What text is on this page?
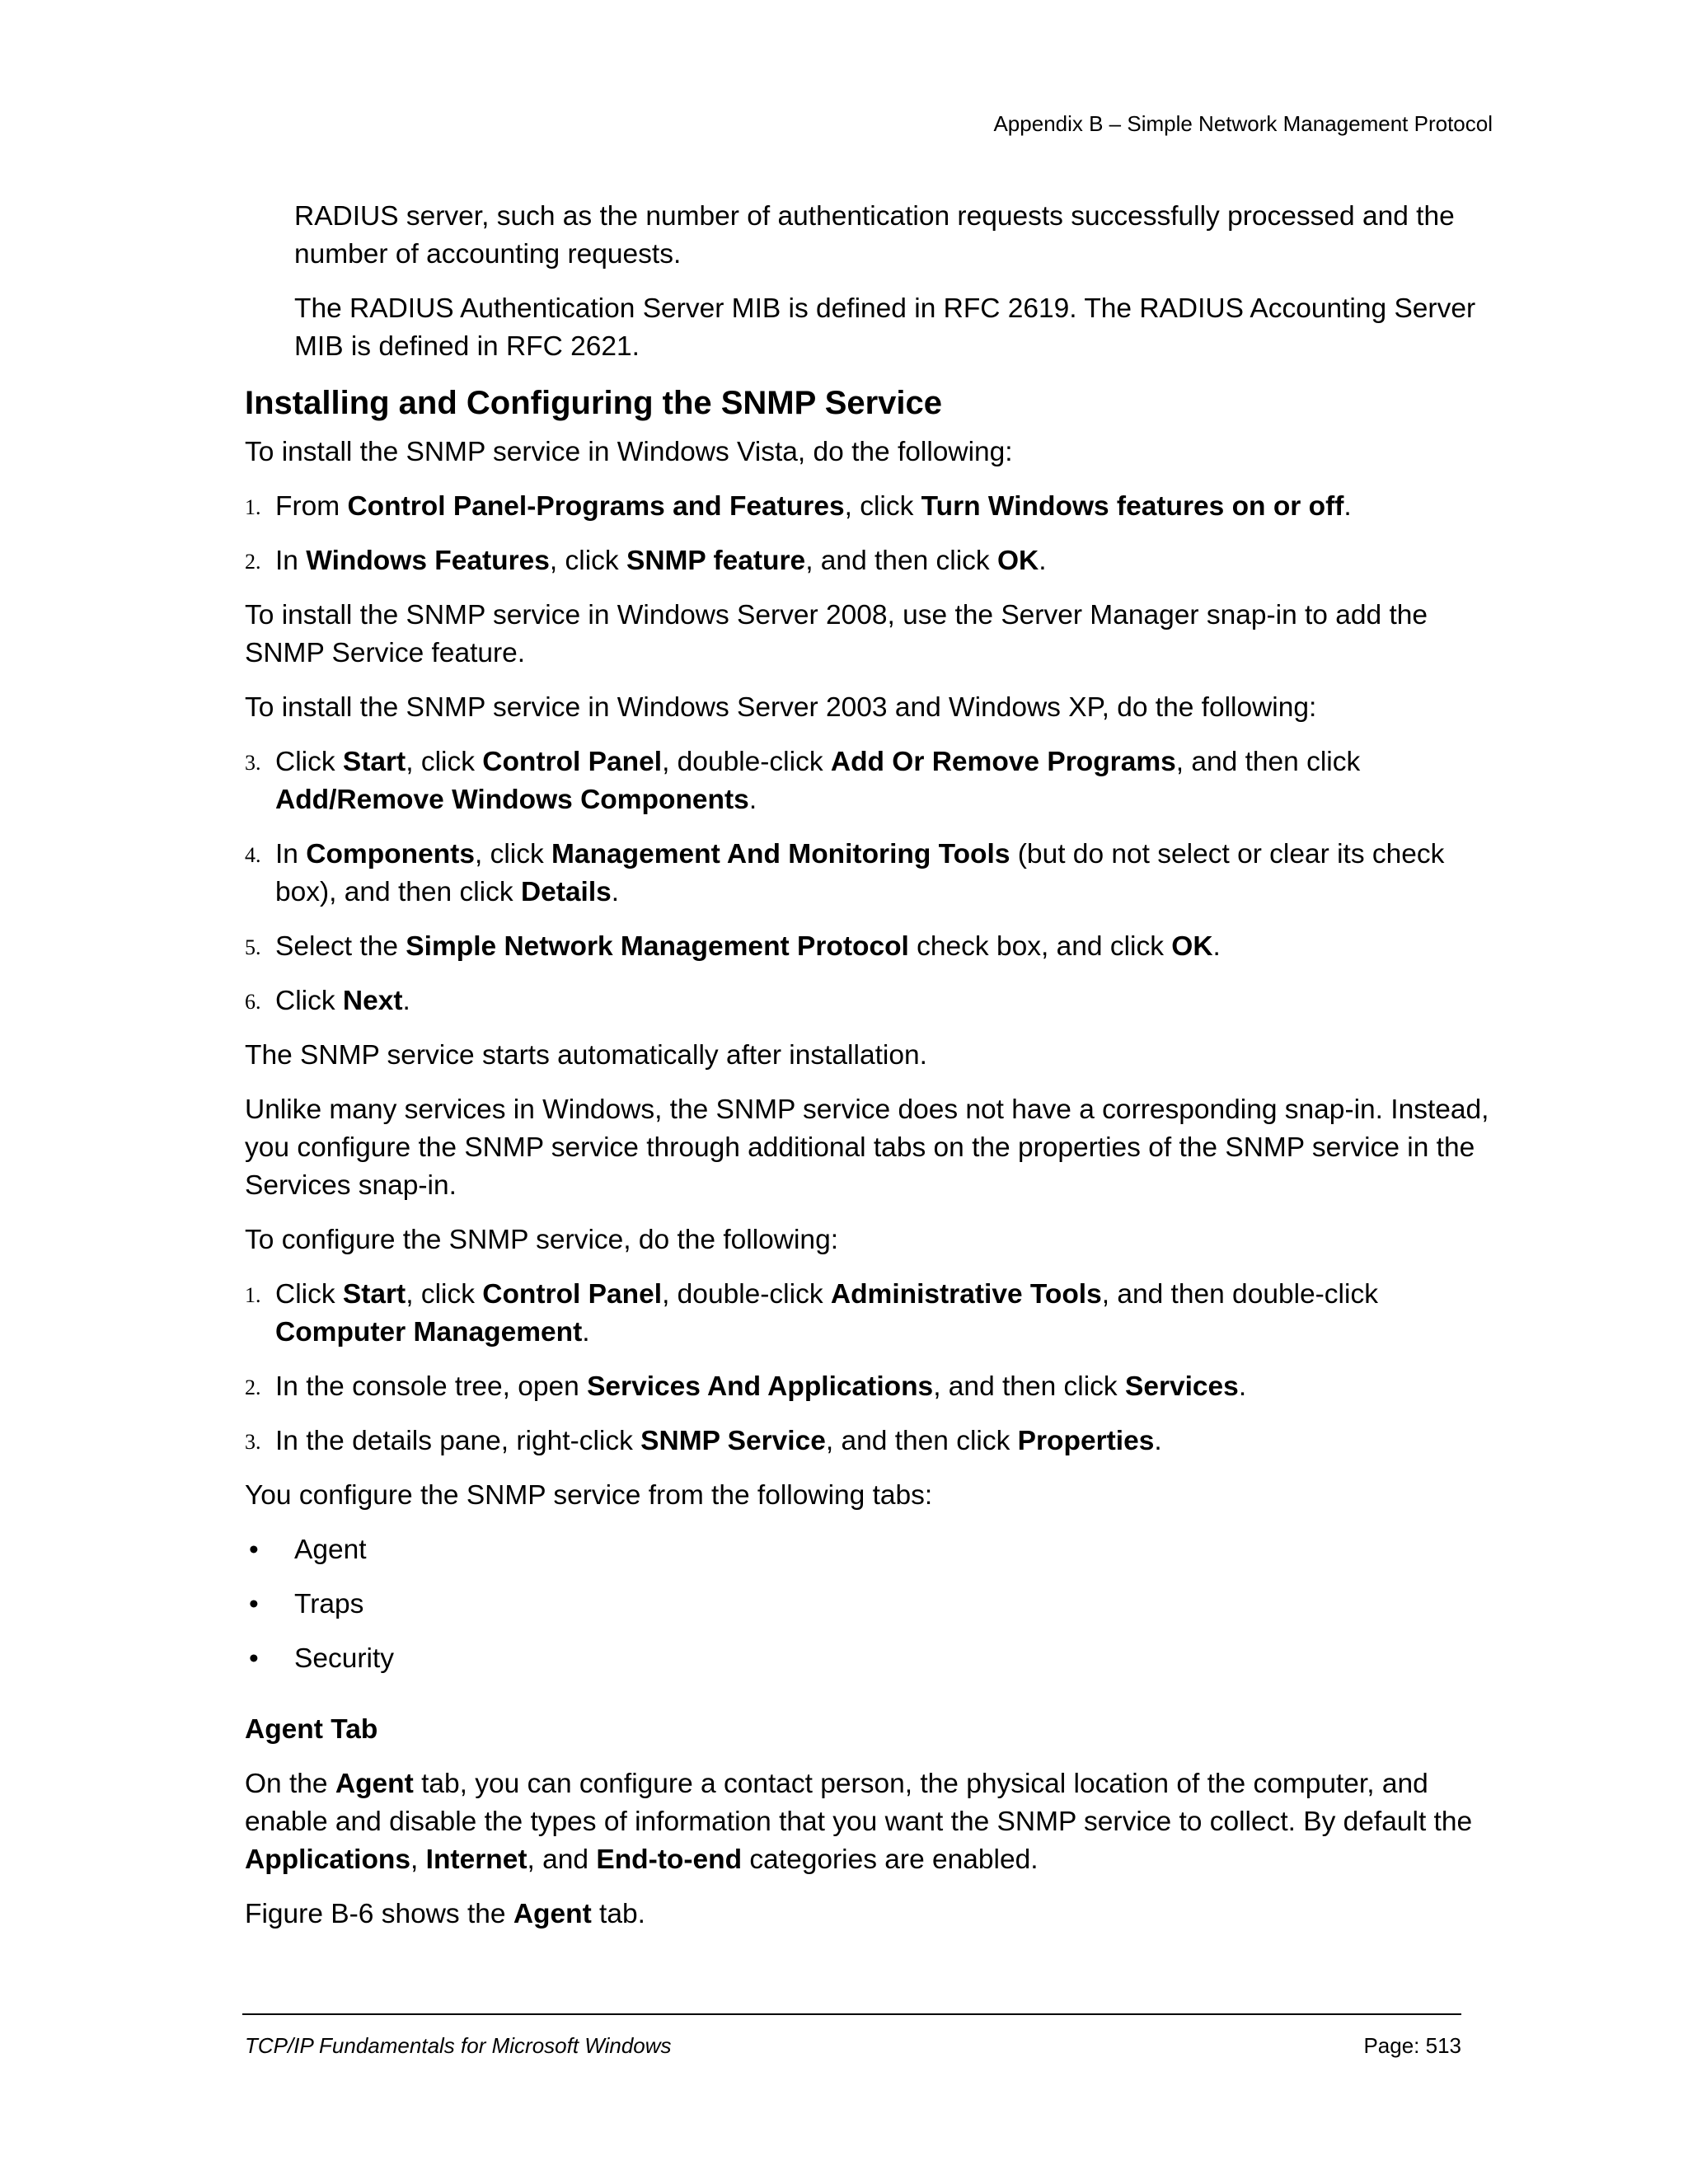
Appendix B – Simple Network Management Protocol

RADIUS server, such as the number of authentication requests successfully processed and the number of accounting requests.

The RADIUS Authentication Server MIB is defined in RFC 2619. The RADIUS Accounting Server MIB is defined in RFC 2621.

Installing and Configuring the SNMP Service

To install the SNMP service in Windows Vista, do the following:

1. From Control Panel-Programs and Features, click Turn Windows features on or off.
2. In Windows Features, click SNMP feature, and then click OK.

To install the SNMP service in Windows Server 2008, use the Server Manager snap-in to add the SNMP Service feature.

To install the SNMP service in Windows Server 2003 and Windows XP, do the following:

3. Click Start, click Control Panel, double-click Add Or Remove Programs, and then click Add/Remove Windows Components.
4. In Components, click Management And Monitoring Tools (but do not select or clear its check box), and then click Details.
5. Select the Simple Network Management Protocol check box, and click OK.
6. Click Next.

The SNMP service starts automatically after installation.

Unlike many services in Windows, the SNMP service does not have a corresponding snap-in. Instead, you configure the SNMP service through additional tabs on the properties of the SNMP service in the Services snap-in.

To configure the SNMP service, do the following:

1. Click Start, click Control Panel, double-click Administrative Tools, and then double-click Computer Management.
2. In the console tree, open Services And Applications, and then click Services.
3. In the details pane, right-click SNMP Service, and then click Properties.

You configure the SNMP service from the following tabs:

• Agent
• Traps
• Security
Agent Tab

On the Agent tab, you can configure a contact person, the physical location of the computer, and enable and disable the types of information that you want the SNMP service to collect. By default the Applications, Internet, and End-to-end categories are enabled.

Figure B-6 shows the Agent tab.

TCP/IP Fundamentals for Microsoft Windows	Page: 513
